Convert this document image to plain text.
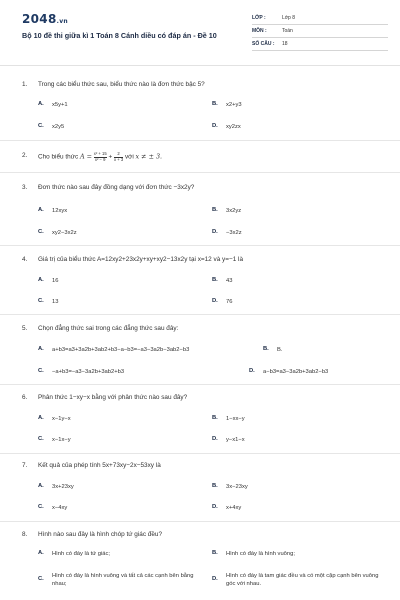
2048.vn
Bộ 10 đề thi giữa kì 1 Toán 8 Cánh diều có đáp án - Đề 10
LỚP :	Lớp 8
MÔN :	Toán
SỐ CÂU :	18
1.	Trong các biểu thức sau, biểu thức nào là đơn thức bậc 5?
A.	x5y+1	B.	x2+y3
C.	x2y5	D.	xy2zx
2.	Cho biểu thức $A = \frac{\text{x² + 15}}{\text{x² − 9}} + \frac{2}{x + 3}$ với x ≠ ± 3.
3.	Đơn thức nào sau đây đồng dạng với đơn thức −3x2y?
A.	12xyx	B.	3x2yz
C.	xy2−3x2z	D.	−3x2z
4.	Giá trị của biểu thức A=12xy2+23x2y+xy+xy2−13x2y tại x=12 và y=−1 là
A.	16	B.	43
C.	13	D.	76
5.	Chọn đẳng thức sai trong các đẳng thức sau đây:
A.	a+b3=a3+3a2b+3ab2+b3−a−b3=−a3−3a2b−3ab2−b3	B.	B.
C.	−a+b3=−a3−3a2b+3ab2+b3	D.	a−b3=a3−3a2b+3ab2−b3
6.	Phân thức 1−xy−x bằng với phân thức nào sau đây?
A.	x−1y−x	B.	1−xx−y
C.	x−1x−y	D.	y−x1−x
7.	Kết quả của phép tính 5x+73xy−2x−53xy là
A.	3x+23xy	B.	3x−23xy
C.	x−4xy	D.	x+4xy
8.	Hình nào sau đây là hình chóp tứ giác đều?
A.	Hình có đáy là tứ giác;	B.	Hình có đáy là hình vuông;
C.	Hình có đáy là hình vuông và tất cả các cạnh bên bằng nhau;
D.	Hình có đáy là tam giác đều và có một cặp cạnh bên vuông góc với nhau.
